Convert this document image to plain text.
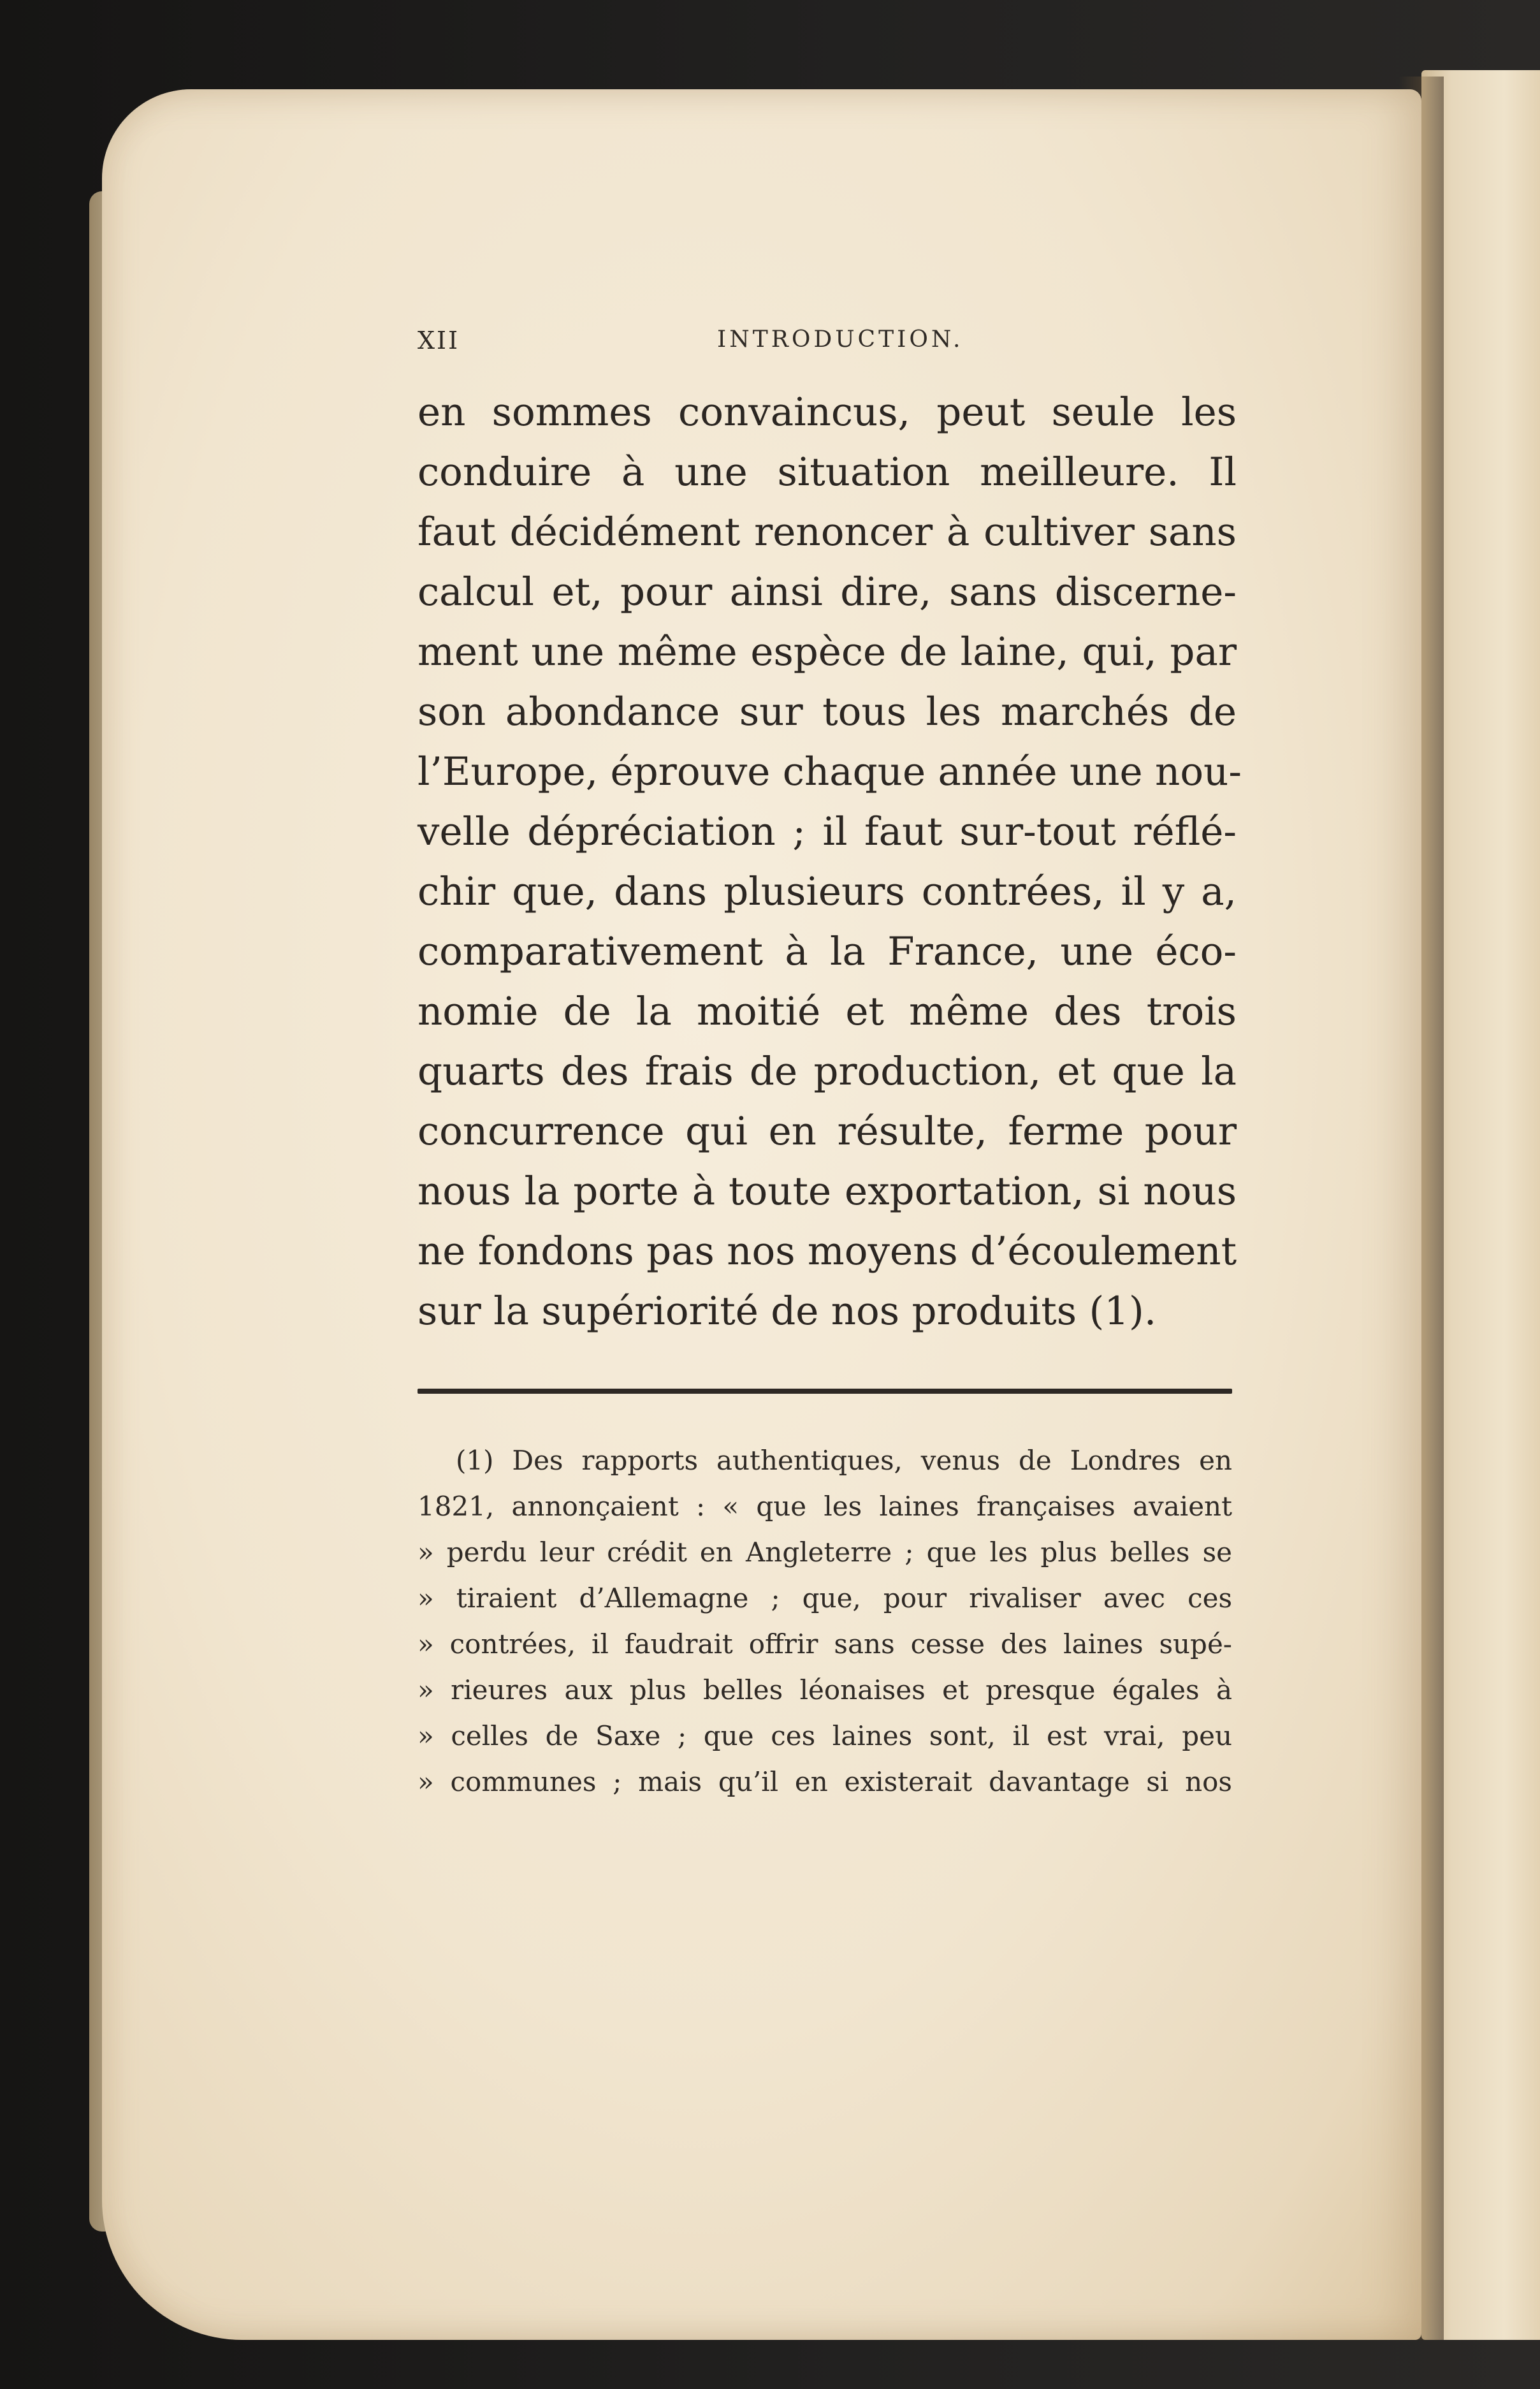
XII	INTRODUCTION.
en sommes convaincus, peut seule les
conduire à une situation meilleure. Il
faut décidément renoncer à cultiver sans
calcul et, pour ainsi dire, sans discerne-
ment une même espèce de laine, qui, par
son abondance sur tous les marchés de
l’Europe, éprouve chaque année une nou-
velle dépréciation ; il faut sur-tout réflé-
chir que, dans plusieurs contrées, il y a,
comparativement à la France, une éco-
nomie de la moitié et même des trois
quarts des frais de production, et que la
concurrence qui en résulte, ferme pour
nous la porte à toute exportation, si nous
ne fondons pas nos moyens d’écoulement
sur la supériorité de nos produits (1).
(1) Des rapports authentiques, venus de Londres en
1821, annonçaient : « que les laines françaises avaient
» perdu leur crédit en Angleterre ; que les plus belles se
» tiraient d’Allemagne ; que, pour rivaliser avec ces
» contrées, il faudrait offrir sans cesse des laines supé-
» rieures aux plus belles léonaises et presque égales à
» celles de Saxe ; que ces laines sont, il est vrai, peu
» communes ; mais qu’il en existerait davantage si nos
